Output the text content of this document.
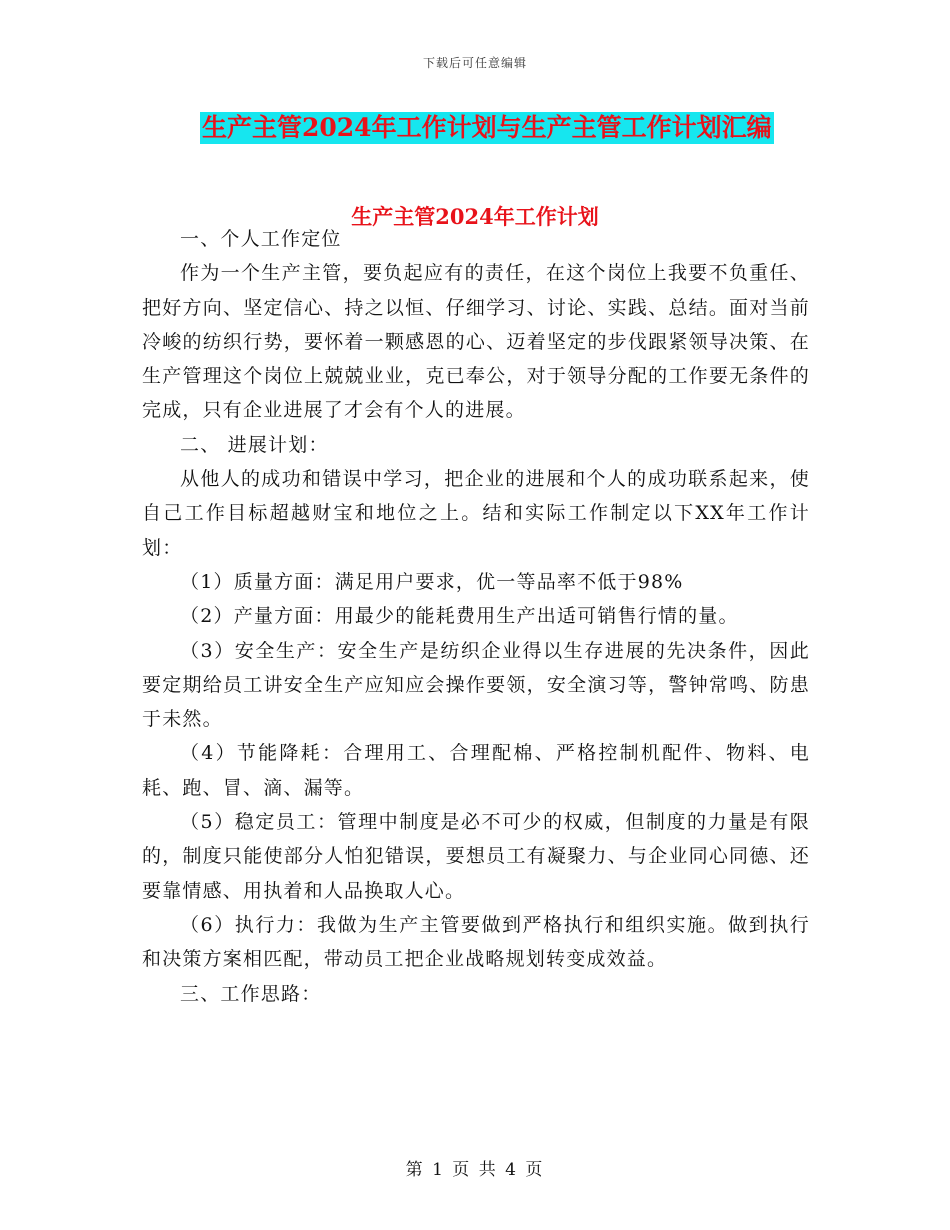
下载后可任意编辑
生产主管2024年工作计划与生产主管工作计划汇编
生产主管2024年工作计划

一、个人工作定位

作为一个生产主管，要负起应有的责任，在这个岗位上我要不负重任、把好方向、坚定信心、持之以恒、仔细学习、讨论、实践、总结。面对当前冷峻的纺织行势，要怀着一颗感恩的心、迈着坚定的步伐跟紧领导决策、在生产管理这个岗位上兢兢业业，克已奉公，对于领导分配的工作要无条件的完成，只有企业进展了才会有个人的进展。

二、 进展计划：

从他人的成功和错误中学习，把企业的进展和个人的成功联系起来，使自己工作目标超越财宝和地位之上。结和实际工作制定以下XX年工作计划：

（1）质量方面：满足用户要求，优一等品率不低于98%

（2）产量方面：用最少的能耗费用生产出适可销售行情的量。

（3）安全生产：安全生产是纺织企业得以生存进展的先决条件，因此要定期给员工讲安全生产应知应会操作要领，安全演习等，警钟常鸣、防患于未然。

（4）节能降耗：合理用工、合理配棉、严格控制机配件、物料、电耗、跑、冒、滴、漏等。

（5）稳定员工：管理中制度是必不可少的权威，但制度的力量是有限的，制度只能使部分人怕犯错误，要想员工有凝聚力、与企业同心同德、还要靠情感、用执着和人品换取人心。

（6）执行力：我做为生产主管要做到严格执行和组织实施。做到执行和决策方案相匹配，带动员工把企业战略规划转变成效益。

三、工作思路：

第 1 页 共 4 页
